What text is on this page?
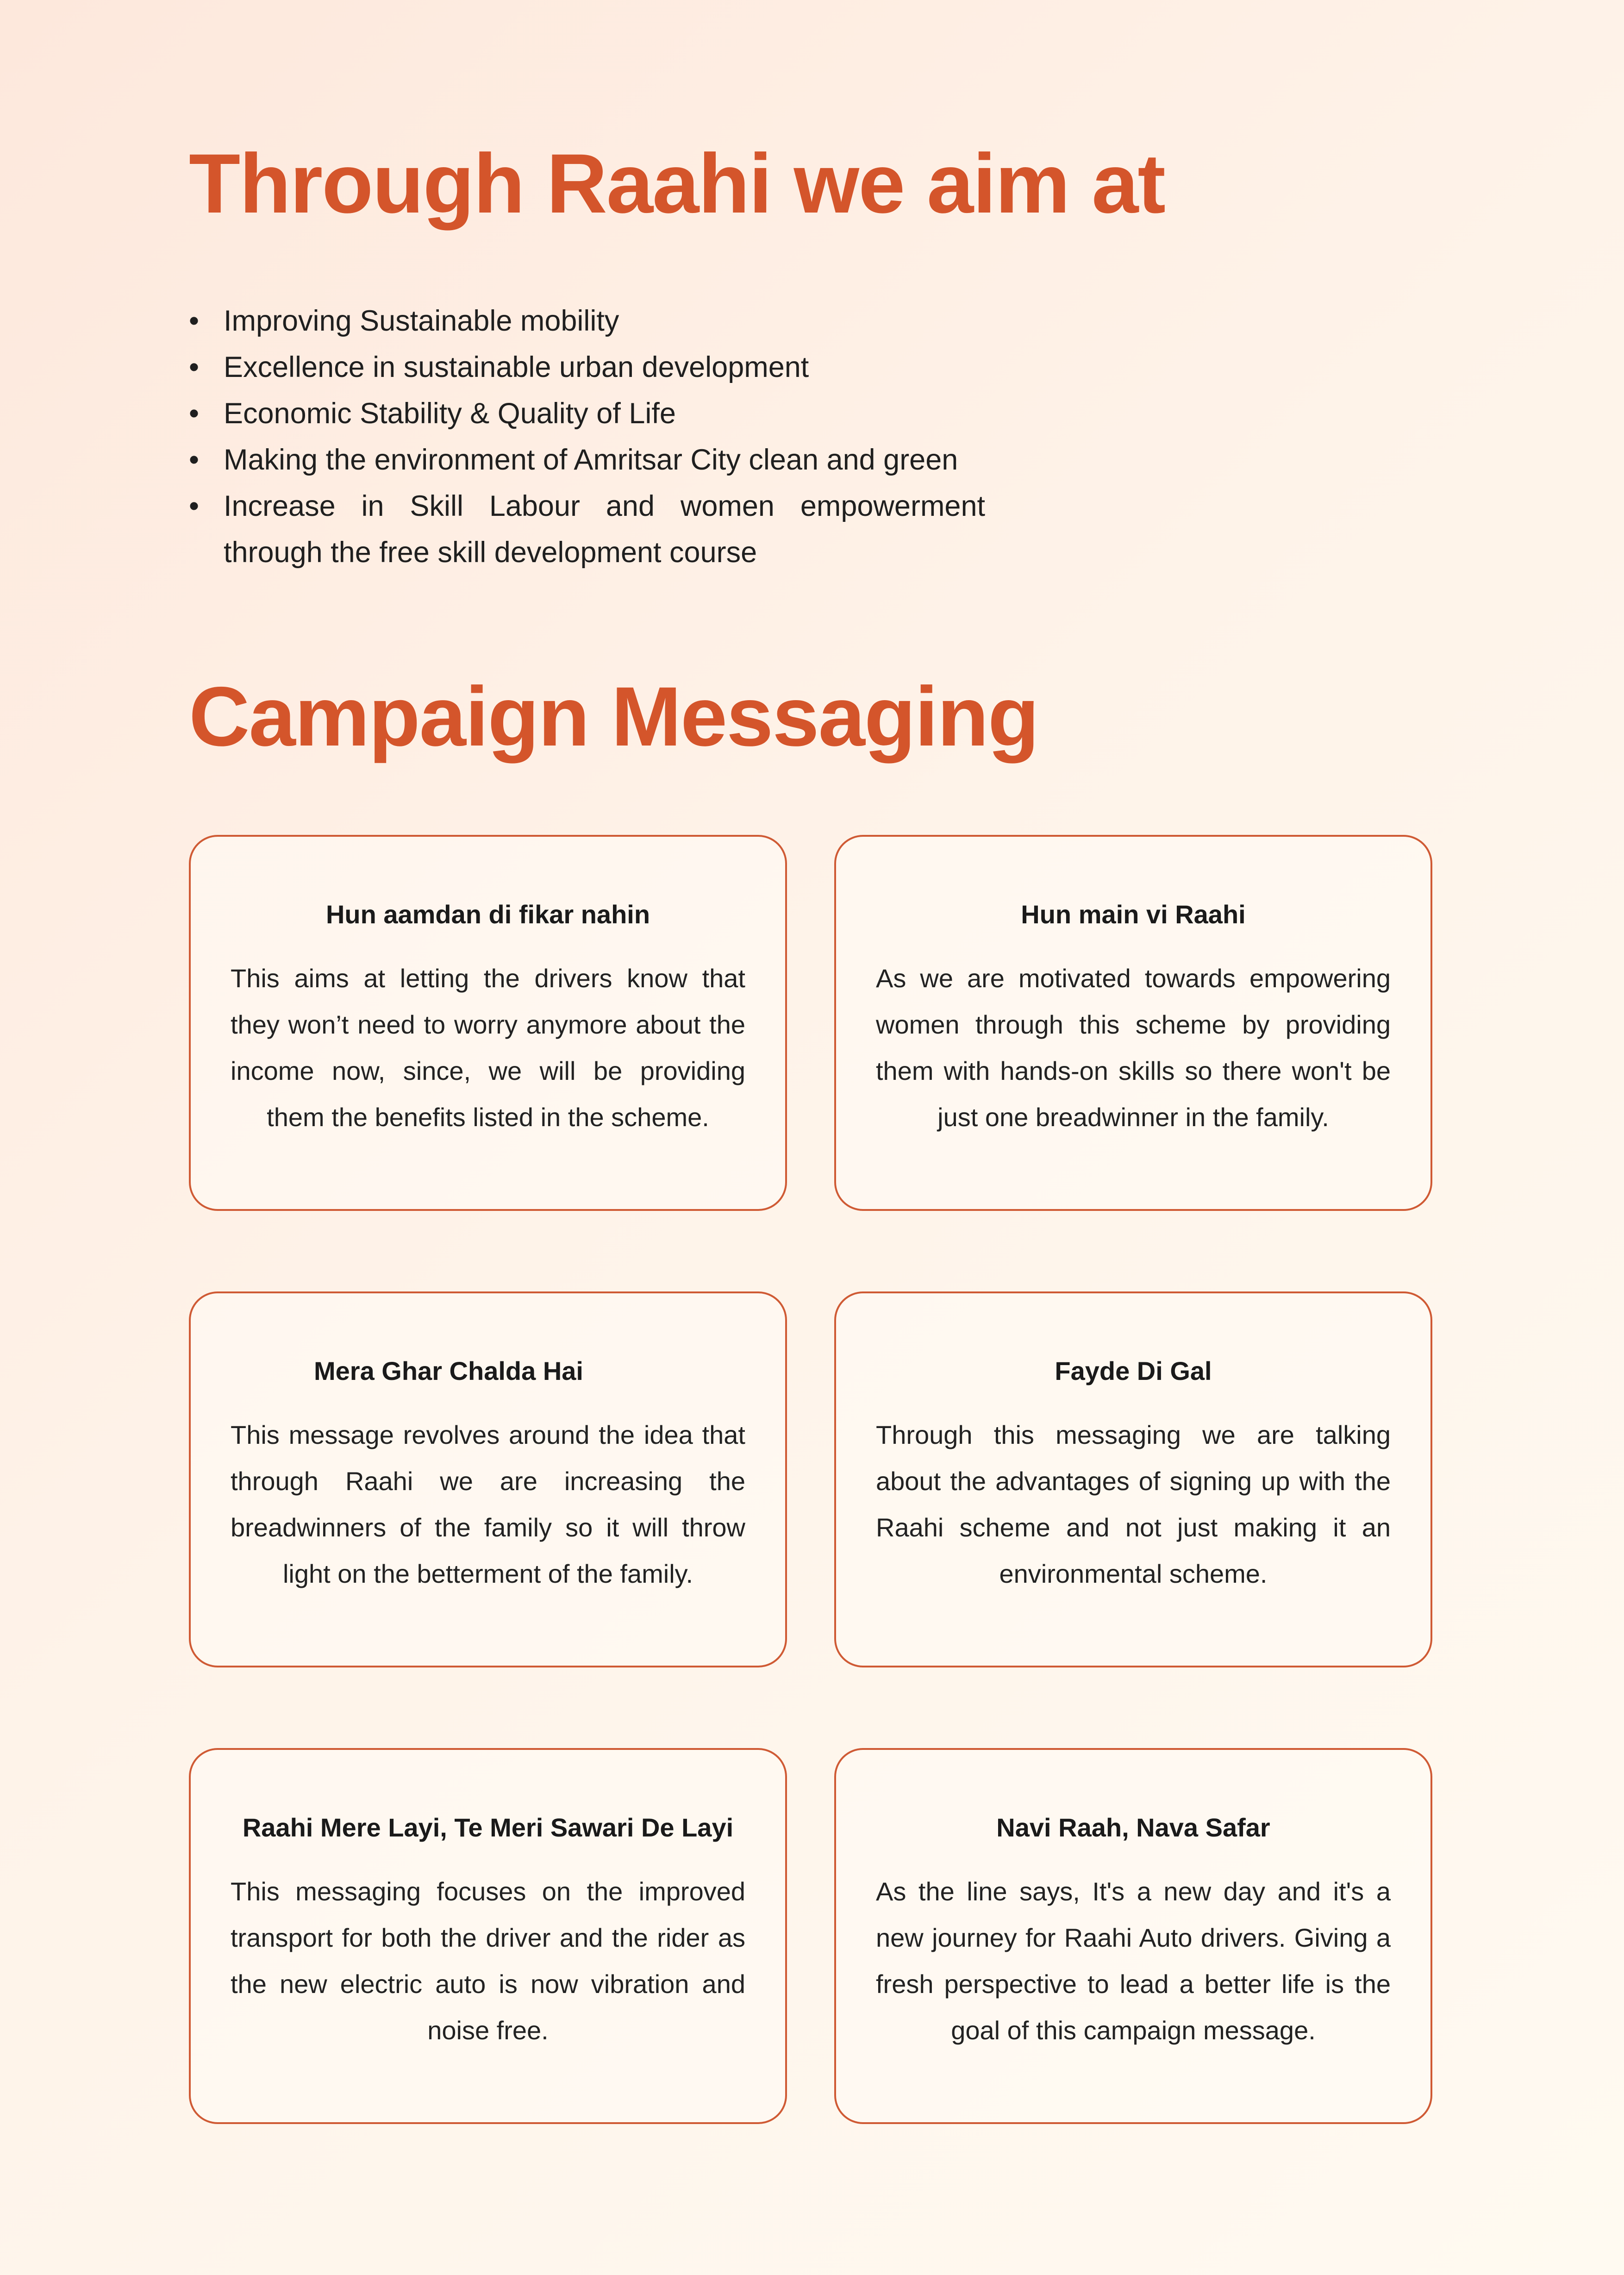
Through Raahi we aim at
• Improving Sustainable mobility
• Excellence in sustainable urban development
• Economic Stability & Quality of Life
• Making the environment of Amritsar City clean and green
• Increase in Skill Labour and women empowerment through the free skill development course
Campaign Messaging
Hun aamdan di fikar nahin

This aims at letting the drivers know that they won’t need to worry anymore about the income now, since, we will be providing them the benefits listed in the scheme.

Hun main vi Raahi

As we are motivated towards empowering women through this scheme by providing them with hands-on skills so there won't be just one breadwinner in the family.

Mera Ghar Chalda Hai

This message revolves around the idea that through Raahi we are increasing the breadwinners of the family so it will throw light on the betterment of the family.

Fayde Di Gal

Through this messaging we are talking about the advantages of signing up with the Raahi scheme and not just making it an environmental scheme.

Raahi Mere Layi, Te Meri Sawari De Layi

This messaging focuses on the improved transport for both the driver and the rider as the new electric auto is now vibration and noise free.

Navi Raah, Nava Safar

As the line says, It's a new day and it's a new journey for Raahi Auto drivers. Giving a fresh perspective to lead a better life is the goal of this campaign message.
